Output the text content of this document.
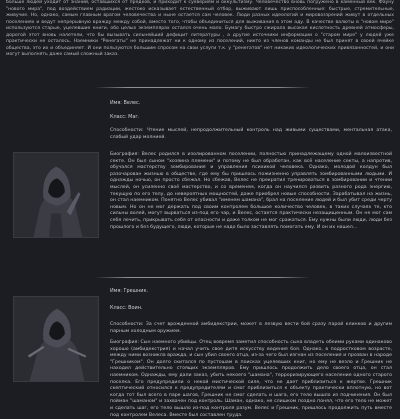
больше людей уходит от знаний, оставшихся от предков, и приходит к суевериям и оккультизму. Человечество вновь погружено в каменный век. Фауну "нового мира", под воздействием радиации, жестоко исказывает естественный отбор, выживают лишь приспособленные: быстрые, стремительные, живучие. Но, однако, самым главным врагом человечества и ныне остается сам человек. Люди разных идеологий и мировоззрений живут в отдельных поселениях и ведут непрерывную вражду между собой, вместо того, чтобы объединиться для выживания в этом аду. В качестве валюты в "новом мире" используются старые, уцелевшие книги, обо целых экземплярах остался очень мало. Бумагу быстро сжирала высокая кислотность древней атмосферы, дорогой этот вновь налетели, что бы вызывать сильнейший дефицит литературы , а другие источники информации о "старом мире" у людей уже практически не осталось. Наемники "Ренегаты" не принадлежат ни к одному из поселений, никто из членов команды не был принят в своей ячейке общества, это их и объединяет. И они пользуются большим спросом на свои услуги т.к. у "ренегатов" нет никаких идеологических привязанностей, и они могут выполнять даже самый сложный заказ.
Имя: Велес.
Класс: Маг.
Способности: Чтение мыслей, непродолжительный контроль над живыми существами, ментальная атака, слабый удар молнией.
Биография: Велес родился в изолированном поселении, полностью принадлежащему одной малоизвестной секте. Он был сыном "хозяина племени" и потому не был обработан, как всё население секты, а напротив, обучался мастерству зомбирования и управления психикой человека. Однако, молодой колдун был разочарован жизнью в обществе, где ему бы пришлось пожизненно управлять зомбированными людьми. И однажды ночью, он просто сбежал. Но сбежав, Велес не прекратил тренироваться в зомбировании и чтении мыслей, он усиленно своё мастерство, и со временем, когда он научился развить разного рода энергию, текущую по его телу, до невероятных мощностей, даже приобрел новые способности. Зарабатывал на жизнь, он стал наемником. Понятно Велес убивал "именем шамана", брал на поселение людей и был убит среди черту новым. Но он не мог держать под своим контролем большое количество человек, в таких случаях те, кто сильны волей, могут вырваться из-под его чар, и Велес, остается практически незащищенным. Он не мог сам себя лечить, прикрывать себя от опасности и даже толком не мог сражаться. Ему нужны были люди, люди без прошлого и без будущего, люди, которые не надо было заставлять помогать ему. И он их нашел…
Имя: Грешник.
Класс: Воин.
Способности: За счет врожденной амбидекстрии, может в лезвую вести бой сразу парой клинков и другим парным холодным оружием.
Биография: Сын наемного убийцы. Отец вовремя заметил способность сына владеть обеими руками одинаково хорошо (амбидекстрия) и начал учить свое дитя искусству ведения боя. Однако, в подростковом возрасте, между ними возникла вражда, и сын убил своего отца, из-за чего был изгнан из поселения и прозван в народе "Грешником". Он долго скитался по пустошам в поисках уцелевших книг, но ему не везло и Грешник не находил действительно стоящих экземпляров. Ему пришлось продолжить дело своего отца, он стал наемником. Однажды, ему дали заказ, убить некоего "шамана", терроризирующего население одного старого поселка. Его предупредили о некой мистической силе, что не дает приблизиться к жертве. Грешник скептический относился к предупредителям и смог приблизиться к объекту практически вплотную, но вот когда тот был всего в паре шагов, Грешник не смог сделать и шага, его тело вышло из подчинения. Он был пойман "шаманом" и захвачен под контроль. Шаман, однако, не слишком поздно понял, что его тело не может и сделать шаг, его тело вышло из-под контроля разум. Велес и Грешник, пришлось продолжить путь вместе под контролем Велеса. Вместе был составлен труда.
